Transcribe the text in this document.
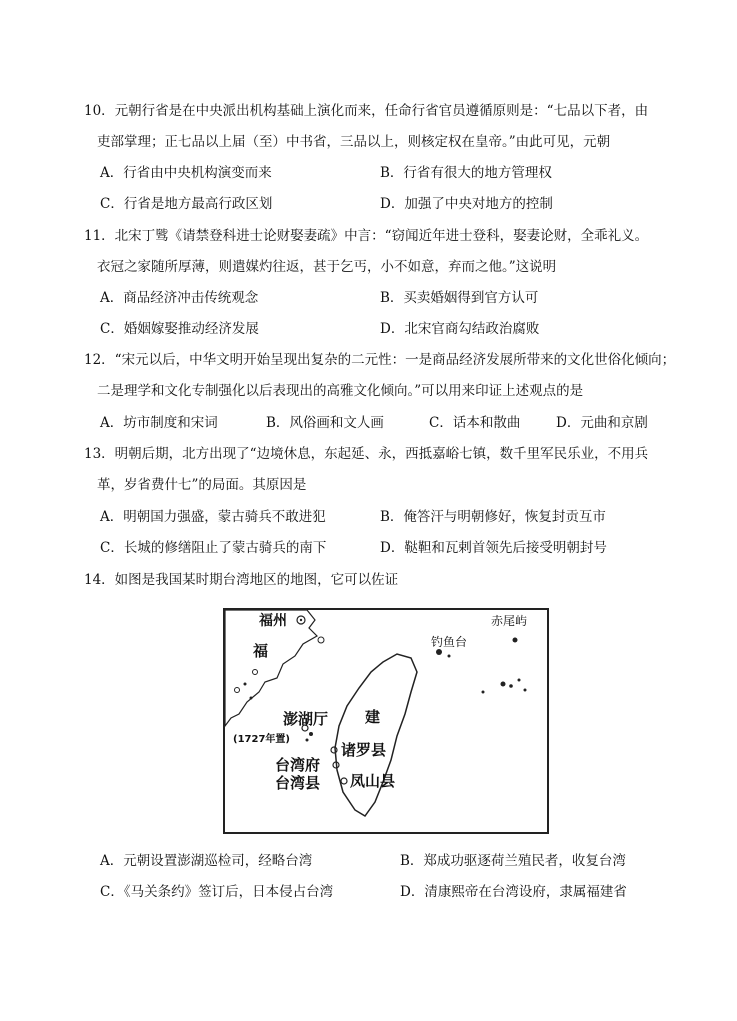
10．元朝行省是在中央派出机构基础上演化而来，任命行省官员遵循原则是：“七品以下者，由
吏部掌理；正七品以上届（至）中书省，三品以上，则核定权在皇帝。”由此可见，元朝
A．行省由中央机构演变而来	B．行省有很大的地方管理权
C．行省是地方最高行政区划	D．加强了中央对地方的控制
11．北宋丁骘《请禁登科进士论财娶妻疏》中言：“窃闻近年进士登科，娶妻论财，全乖礼义。
衣冠之家随所厚薄，则遣媒灼往返，甚于乞丐，小不如意，弃而之他。”这说明
A．商品经济冲击传统观念	B．买卖婚姻得到官方认可
C．婚姻嫁娶推动经济发展	D．北宋官商勾结政治腐败
12．“宋元以后，中华文明开始呈现出复杂的二元性：一是商品经济发展所带来的文化世俗化倾向；
二是理学和文化专制强化以后表现出的高雅文化倾向。”可以用来印证上述观点的是
A．坊市制度和宋词	B．风俗画和文人画	C．话本和散曲	D．元曲和京剧
13．明朝后期，北方出现了“边境休息，东起延、永，西抵嘉峪七镇，数千里军民乐业，不用兵
革，岁省费什七”的局面。其原因是
A．明朝国力强盛，蒙古骑兵不敢进犯	B．俺答汗与明朝修好，恢复封贡互市
C．长城的修缮阻止了蒙古骑兵的南下	D．鞑靼和瓦剌首领先后接受明朝封号
14．如图是我国某时期台湾地区的地图，它可以佐证
福州
福
建
赤尾屿
钓鱼台
澎湖厅
(1727年置)
诸罗县
台湾府
台湾县 凤山县
A．元朝设置澎湖巡检司，经略台湾	B．郑成功驱逐荷兰殖民者，收复台湾
C．《马关条约》签订后，日本侵占台湾	D．清康熙帝在台湾设府，隶属福建省
